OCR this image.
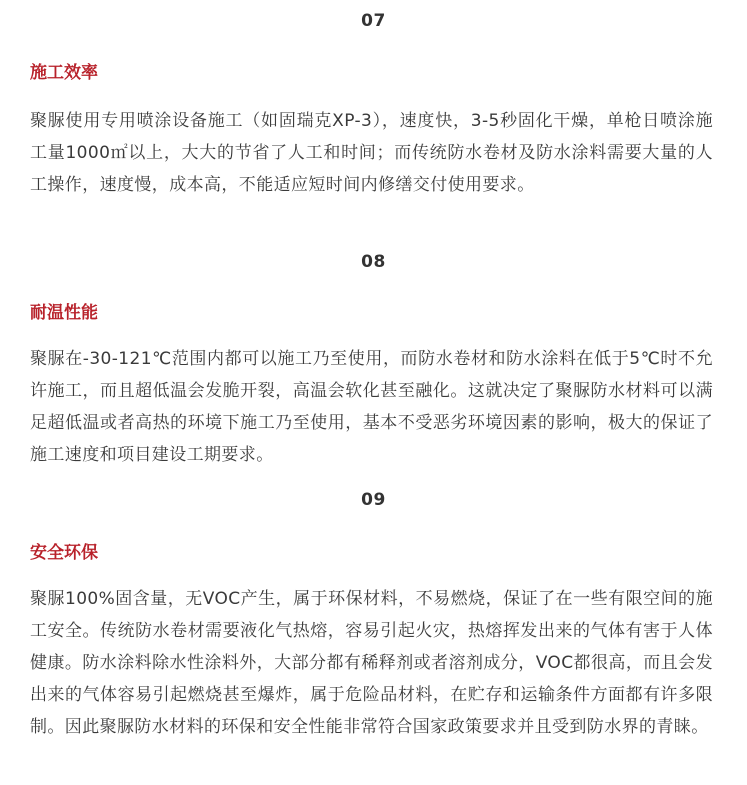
07
施工效率
聚脲使用专用喷涂设备施工（如固瑞克XP-3），速度快，3-5秒固化干燥，单枪日喷涂施工量1000㎡以上，大大的节省了人工和时间；而传统防水卷材及防水涂料需要大量的人工操作，速度慢，成本高，不能适应短时间内修缮交付使用要求。
08
耐温性能
聚脲在-30-121℃范围内都可以施工乃至使用，而防水卷材和防水涂料在低于5℃时不允许施工，而且超低温会发脆开裂，高温会软化甚至融化。这就决定了聚脲防水材料可以满足超低温或者高热的环境下施工乃至使用，基本不受恶劣环境因素的影响，极大的保证了施工速度和项目建设工期要求。
09
安全环保
聚脲100%固含量，无VOC产生，属于环保材料，不易燃烧，保证了在一些有限空间的施工安全。传统防水卷材需要液化气热熔，容易引起火灾，热熔挥发出来的气体有害于人体健康。防水涂料除水性涂料外，大部分都有稀释剂或者溶剂成分，VOC都很高，而且会发出来的气体容易引起燃烧甚至爆炸，属于危险品材料，在贮存和运输条件方面都有许多限制。因此聚脲防水材料的环保和安全性能非常符合国家政策要求并且受到防水界的青睐。
